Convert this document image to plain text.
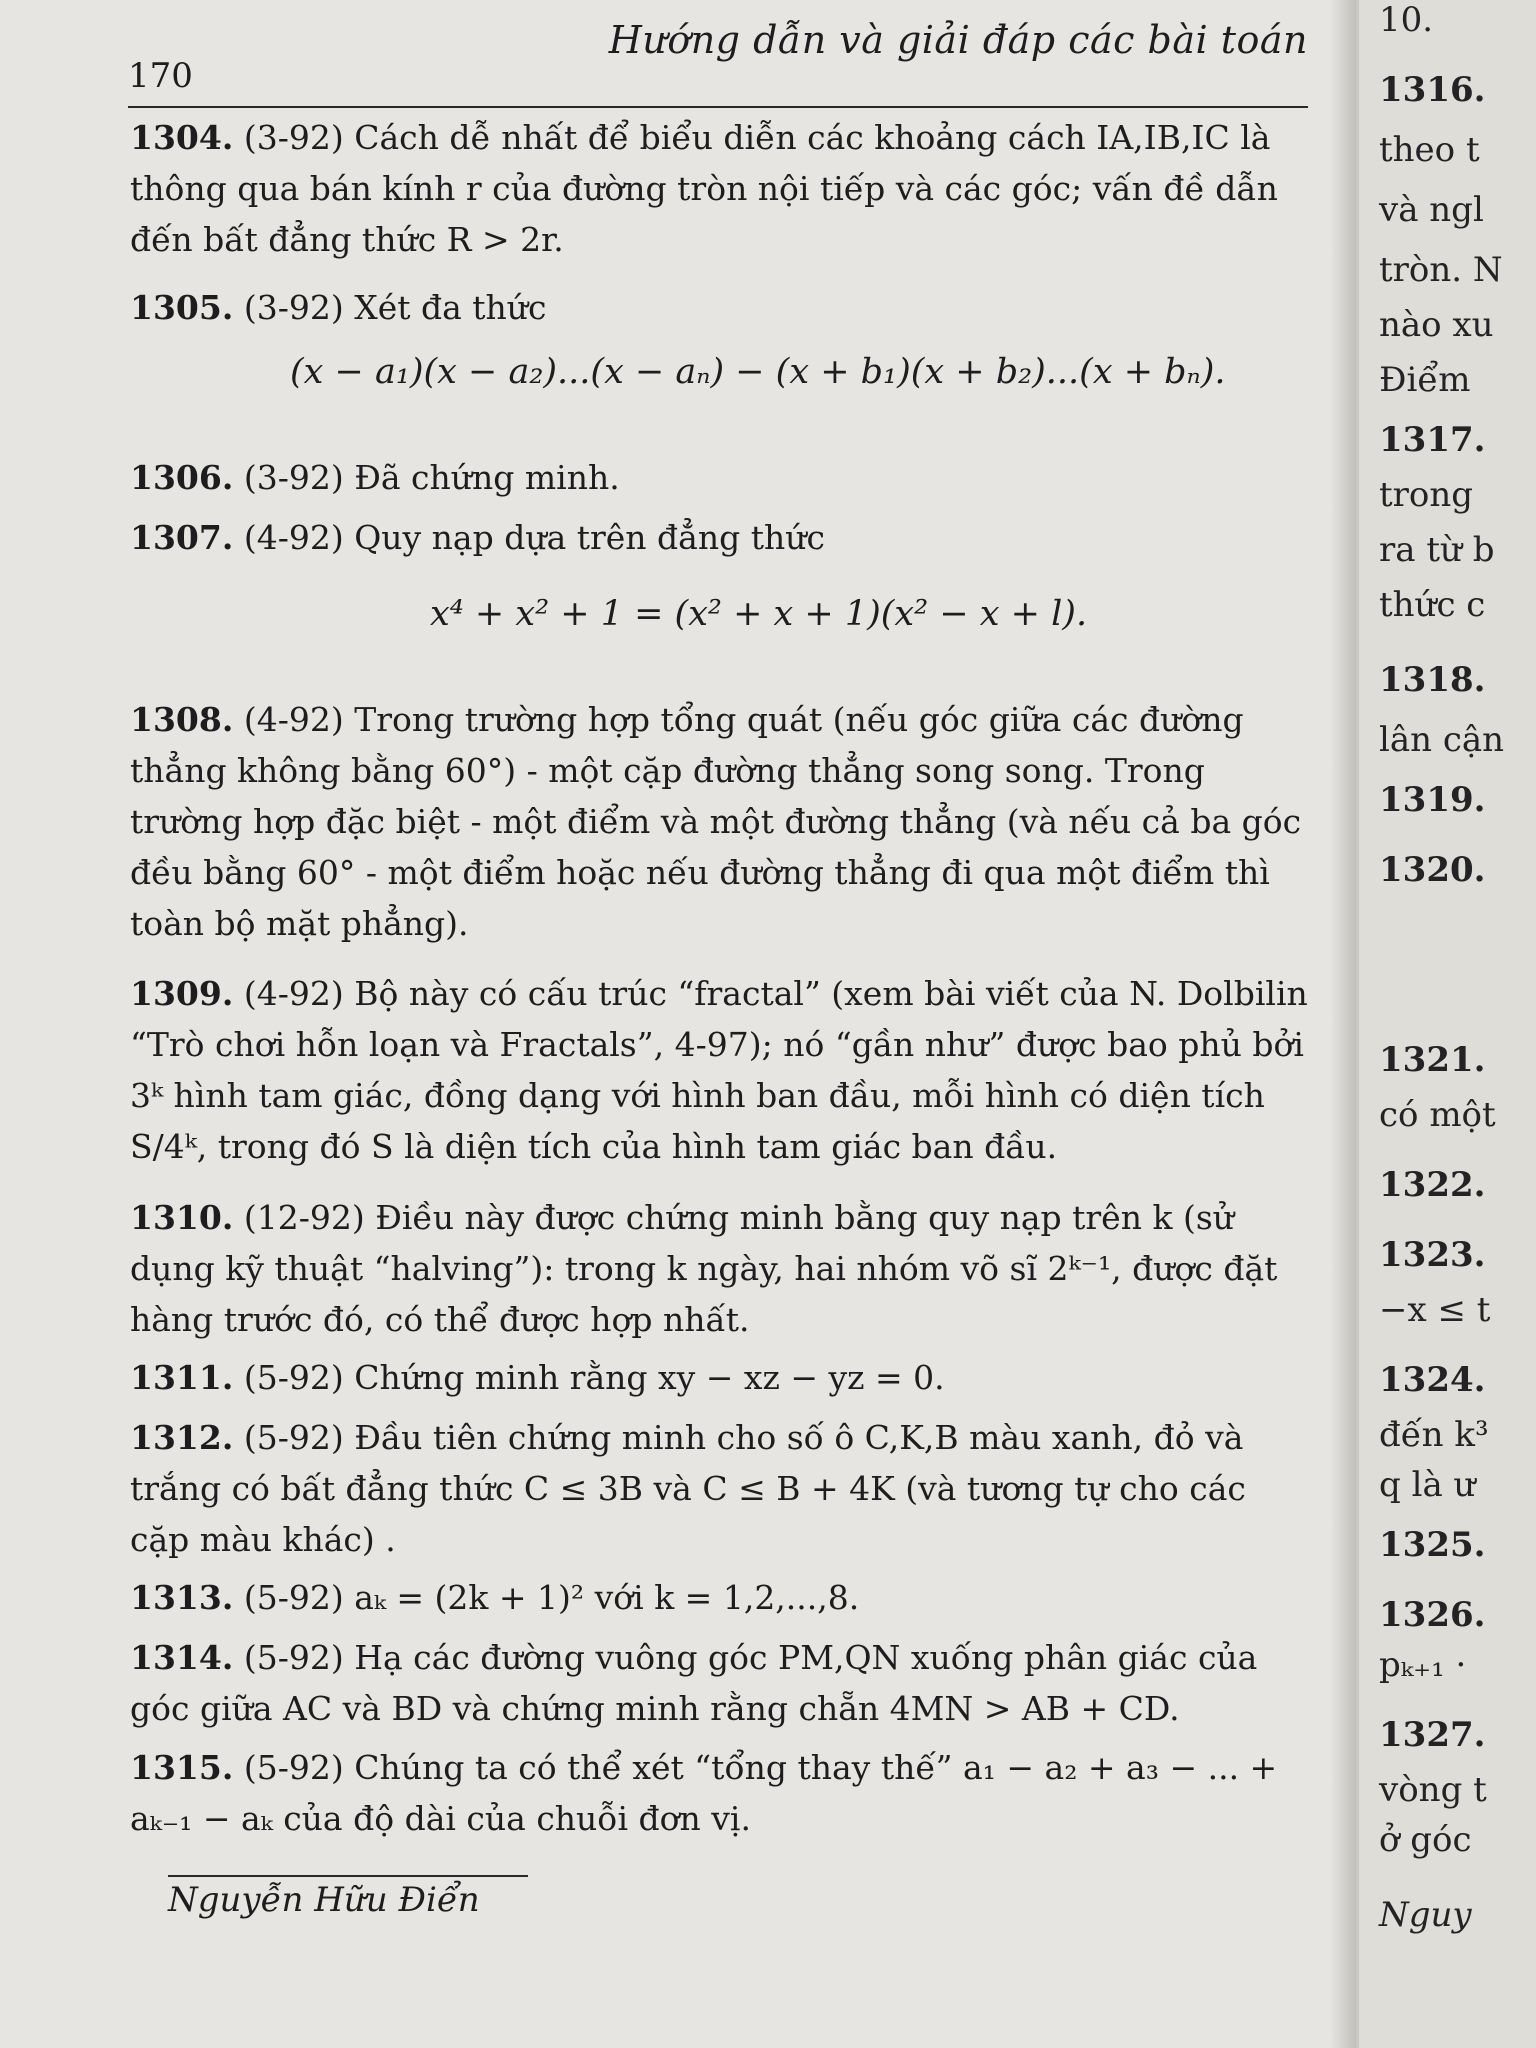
170
Hướng dẫn và giải đáp các bài toán
1304. (3-92) Cách dễ nhất để biểu diễn các khoảng cách IA,IB,IC là thông qua bán kính r của đường tròn nội tiếp và các góc; vấn đề dẫn đến bất đẳng thức R > 2r.
1305. (3-92) Xét đa thức
(x − a₁)(x − a₂)...(x − aₙ) − (x + b₁)(x + b₂)...(x + bₙ).
1306. (3-92) Đã chứng minh.
1307. (4-92) Quy nạp dựa trên đẳng thức
x⁴ + x² + 1 = (x² + x + 1)(x² − x + l).
1308. (4-92) Trong trường hợp tổng quát (nếu góc giữa các đường thẳng không bằng 60°) - một cặp đường thẳng song song. Trong trường hợp đặc biệt - một điểm và một đường thẳng (và nếu cả ba góc đều bằng 60° - một điểm hoặc nếu đường thẳng đi qua một điểm thì toàn bộ mặt phẳng).
1309. (4-92) Bộ này có cấu trúc “fractal” (xem bài viết của N. Dolbilin “Trò chơi hỗn loạn và Fractals”, 4-97); nó “gần như” được bao phủ bởi 3ᵏ hình tam giác, đồng dạng với hình ban đầu, mỗi hình có diện tích S/4ᵏ, trong đó S là diện tích của hình tam giác ban đầu.
1310. (12-92) Điều này được chứng minh bằng quy nạp trên k (sử dụng kỹ thuật “halving”): trong k ngày, hai nhóm võ sĩ 2ᵏ⁻¹, được đặt hàng trước đó, có thể được hợp nhất.
1311. (5-92) Chứng minh rằng xy − xz − yz = 0.
1312. (5-92) Đầu tiên chứng minh cho số ô C,K,B màu xanh, đỏ và trắng có bất đẳng thức C ≤ 3B và C ≤ B + 4K (và tương tự cho các cặp màu khác) .
1313. (5-92) aₖ = (2k + 1)² với k = 1,2,...,8.
1314. (5-92) Hạ các đường vuông góc PM,QN xuống phân giác của góc giữa AC và BD và chứng minh rằng chẵn 4MN > AB + CD.
1315. (5-92) Chúng ta có thể xét “tổng thay thế” a₁ − a₂ + a₃ − ... + aₖ₋₁ − aₖ của độ dài của chuỗi đơn vị.
Nguyễn Hữu Điển
10.
1316.
theo t
và ngl
tròn. N
nào xu
Điểm
1317.
trong
ra từ b
thức c
1318.
lân cận
1319.
1320.
1321.
có một
1322.
1323.
−x ≤ t
1324.
đến k³
q là ư
1325.
1326.
pₖ₊₁ ·
1327.
vòng t
ở góc
Nguy
